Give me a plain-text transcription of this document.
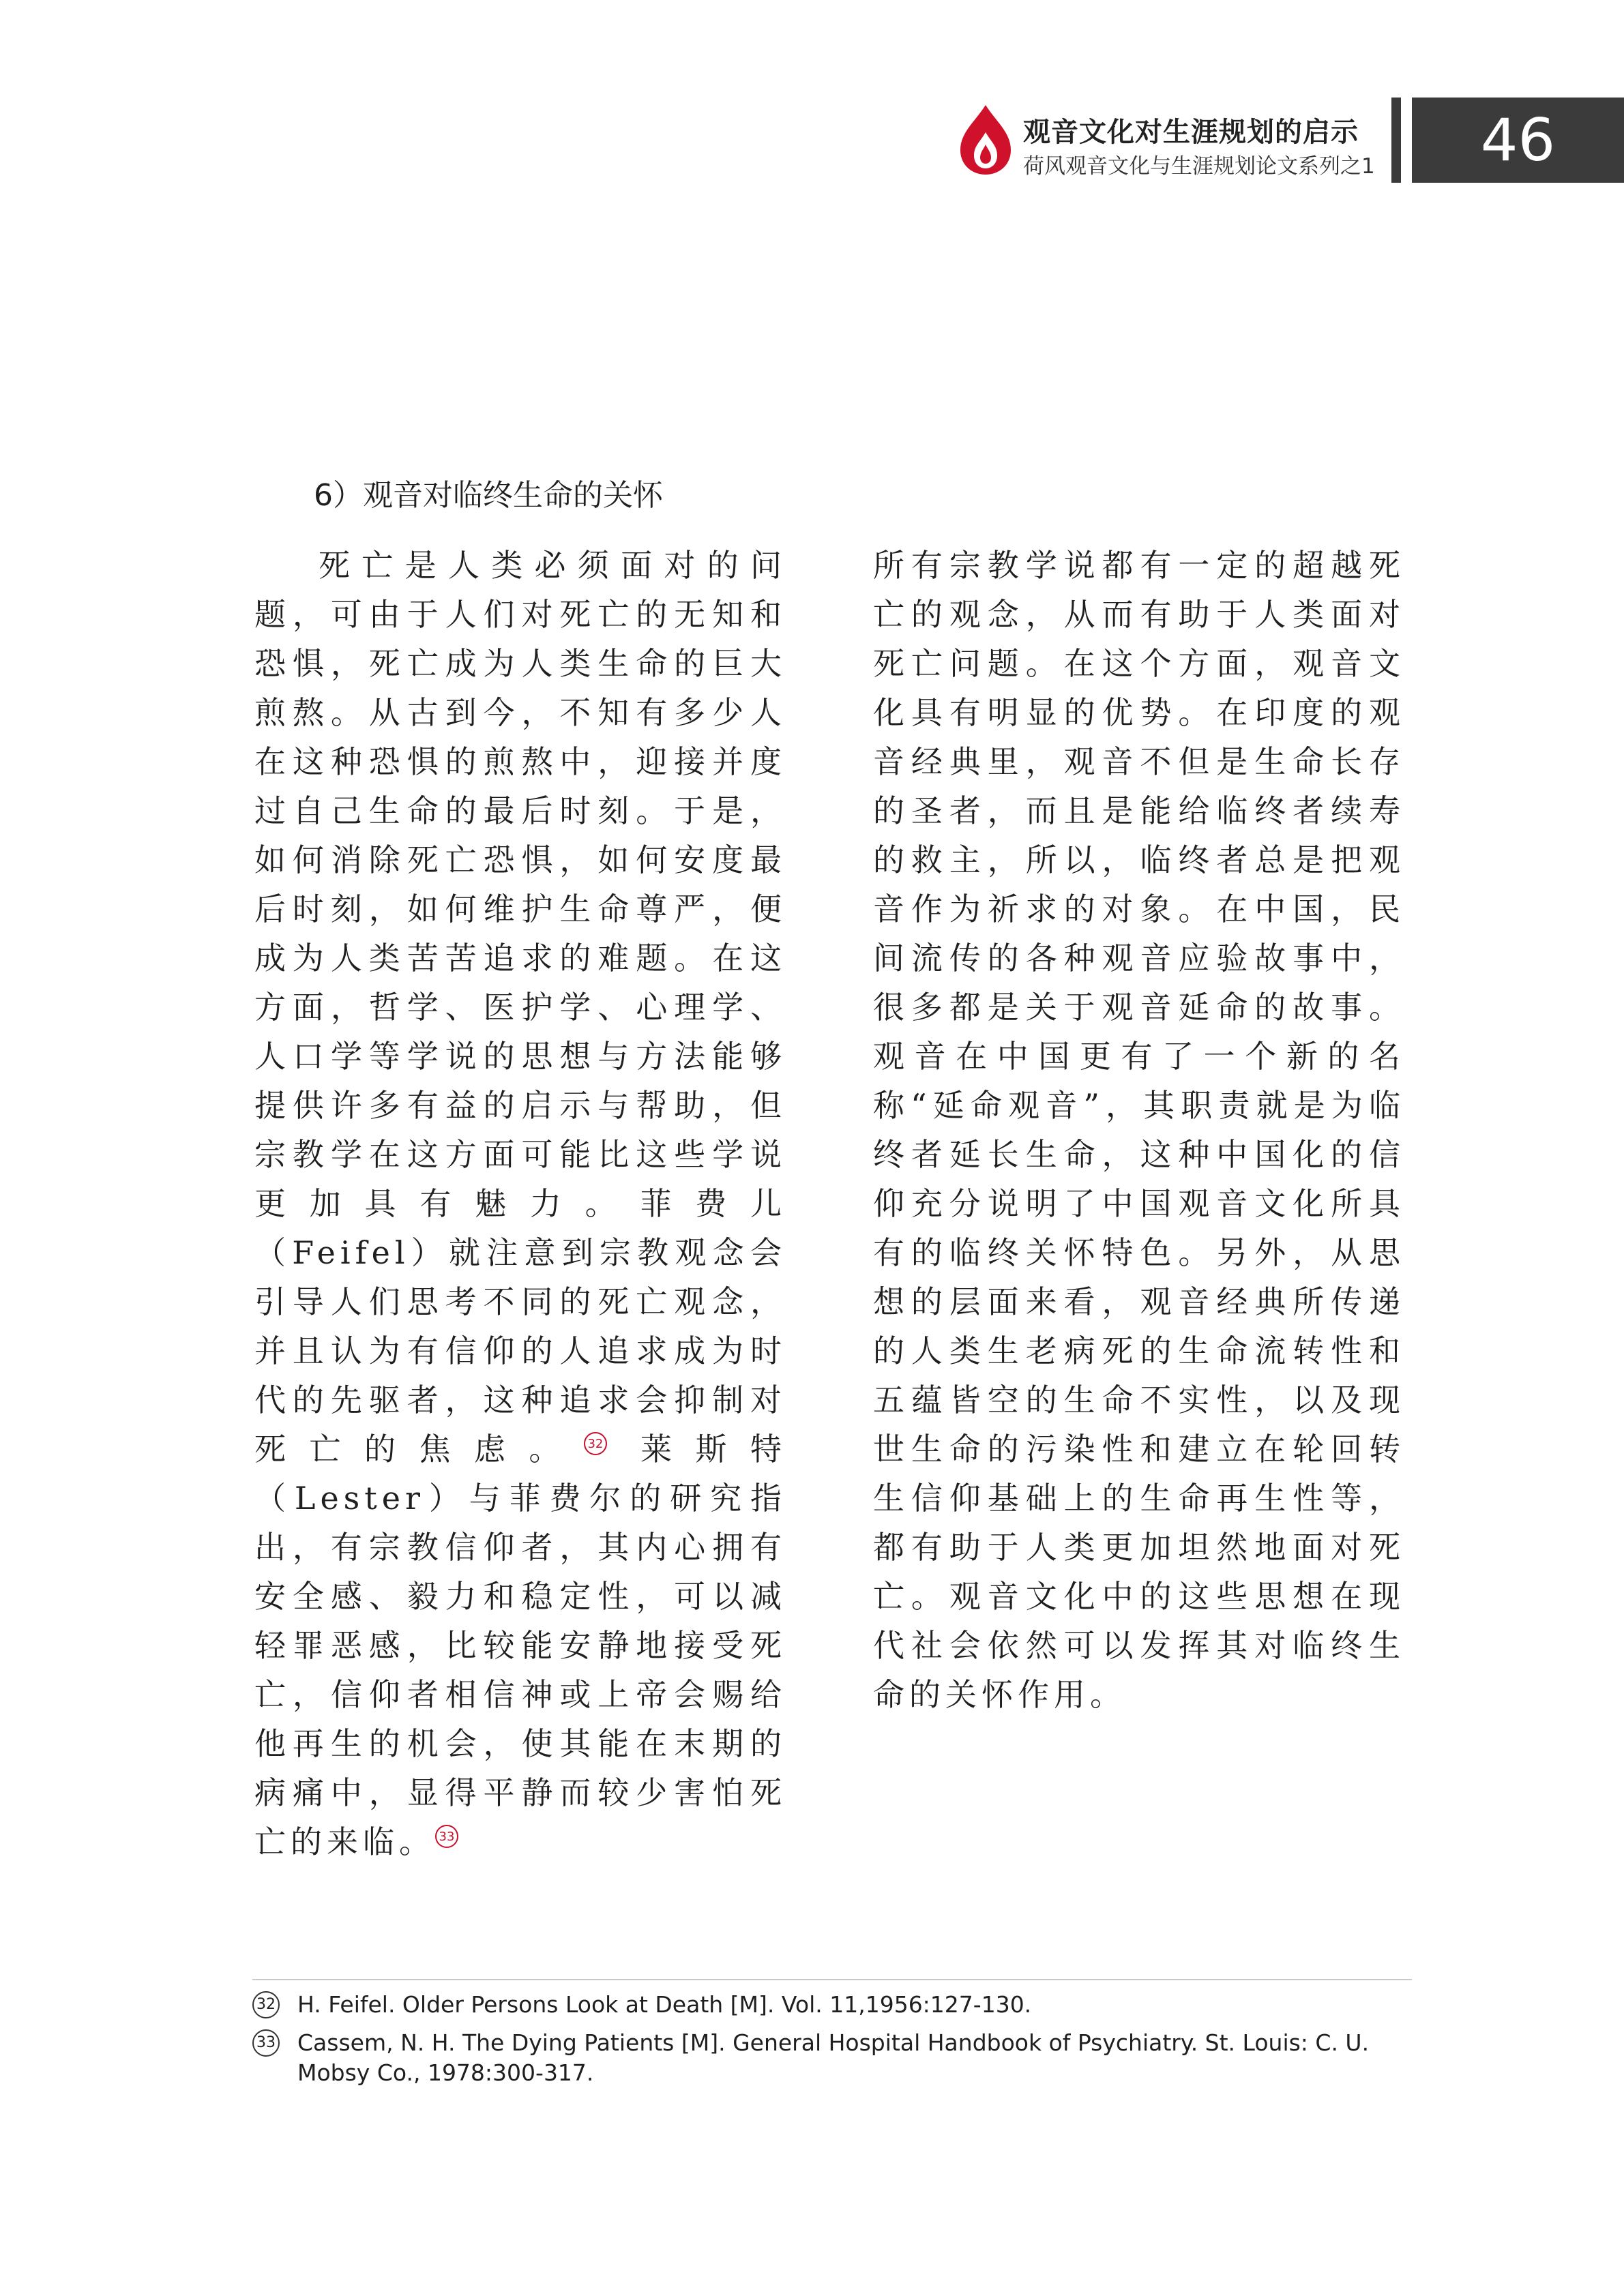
观音文化对生涯规划的启示
荷风观音文化与生涯规划论文系列之1	46
6）观音对临终生命的关怀
死亡是人类必须面对的问题，可由于人们对死亡的无知和恐惧，死亡成为人类生命的巨大煎熬。从古到今，不知有多少人在这种恐惧的煎熬中，迎接并度过自己生命的最后时刻。于是，如何消除死亡恐惧，如何安度最后时刻，如何维护生命尊严，便成为人类苦苦追求的难题。在这方面，哲学、医护学、心理学、人口学等学说的思想与方法能够提供许多有益的启示与帮助，但宗教学在这方面可能比这些学说更加具有魅力。菲费儿（Feifel）就注意到宗教观念会引导人们思考不同的死亡观念，并且认为有信仰的人追求成为时代的先驱者，这种追求会抑制对死亡的焦虑。 32 莱斯特（Lester）与菲费尔的研究指出，有宗教信仰者，其内心拥有安全感、毅力和稳定性，可以减轻罪恶感，比较能安静地接受死亡，信仰者相信神或上帝会赐给他再生的机会，使其能在末期的病痛中，显得平静而较少害怕死亡的来临。 33
所有宗教学说都有一定的超越死亡的观念，从而有助于人类面对死亡问题。在这个方面，观音文化具有明显的优势。在印度的观音经典里，观音不但是生命长存的圣者，而且是能给临终者续寿的救主，所以，临终者总是把观音作为祈求的对象。在中国，民间流传的各种观音应验故事中，很多都是关于观音延命的故事。观音在中国更有了一个新的名称“延命观音”，其职责就是为临终者延长生命，这种中国化的信仰充分说明了中国观音文化所具有的临终关怀特色。另外，从思想的层面来看，观音经典所传递的人类生老病死的生命流转性和五蕴皆空的生命不实性，以及现世生命的污染性和建立在轮回转生信仰基础上的生命再生性等，都有助于人类更加坦然地面对死亡。观音文化中的这些思想在现代社会依然可以发挥其对临终生命的关怀作用。
32 H. Feifel. Older Persons Look at Death [M]. Vol. 11,1956:127-130.
33 Cassem, N. H. The Dying Patients [M]. General Hospital Handbook of Psychiatry. St. Louis: C. U. Mobsy Co., 1978:300-317.
